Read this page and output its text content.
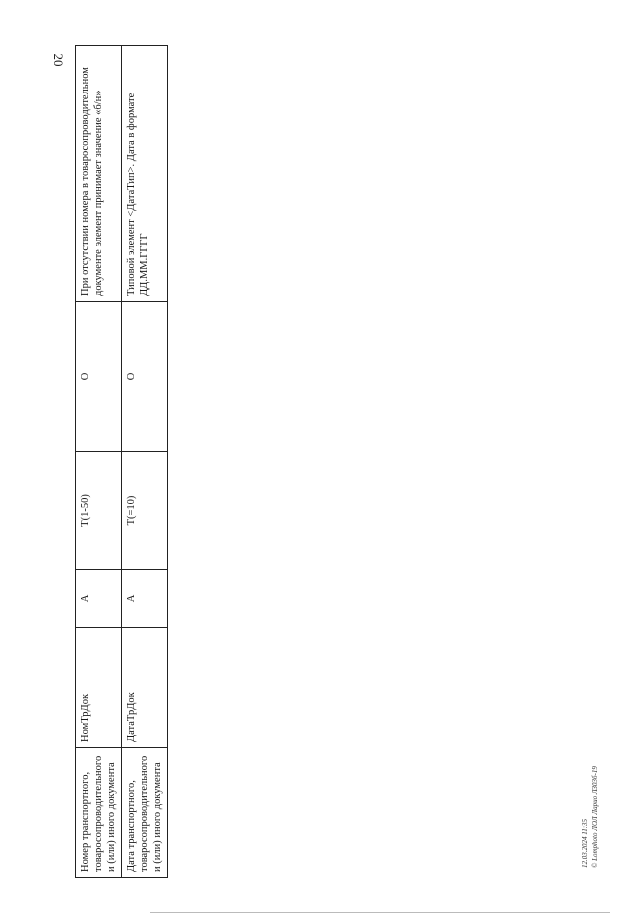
20
Номер транспортного, товаросопроводительного и (или) иного документа	НомТрДок	А	Т(1-50)	О	При отсутствии номера в товаросопроводительном документе элемент принимает значение «б/н»
Дата транспортного, товаросопроводительного и (или) иного документа	ДатаТрДок	А	Т(=10)	О	Типовой элемент <ДатаТип>. Дата в формате ДД.ММ.ГГГГ
12.03.2024 11:35 © Lomphoto ЛОЛ Ларио ЛЗ03б-19
